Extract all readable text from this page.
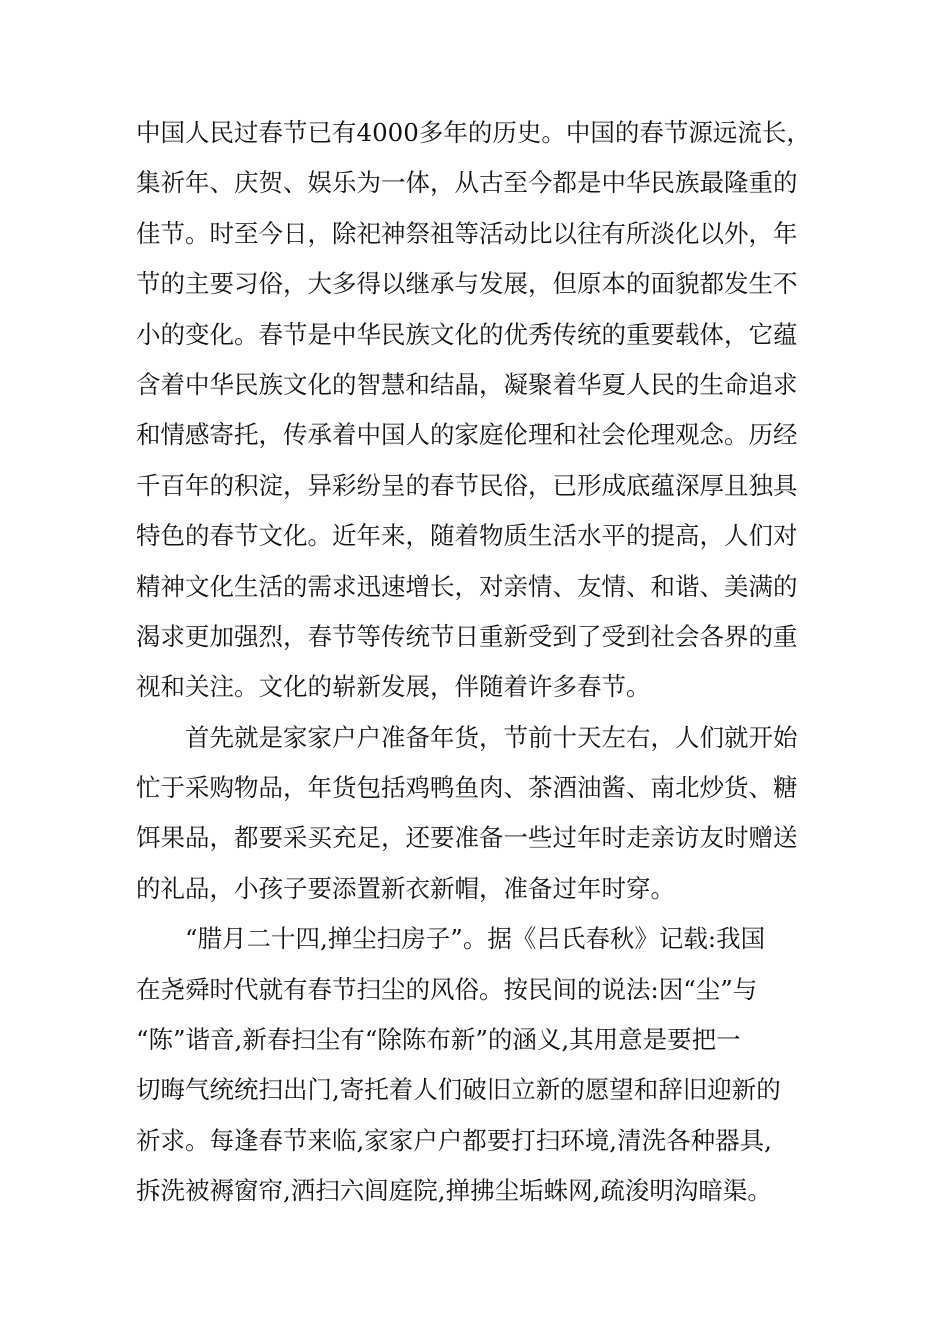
中国人民过春节已有4000多年的历史。中国的春节源远流长，
集祈年、庆贺、娱乐为一体，从古至今都是中华民族最隆重的
佳节。时至今日，除祀神祭祖等活动比以往有所淡化以外，年
节的主要习俗，大多得以继承与发展，但原本的面貌都发生不
小的变化。春节是中华民族文化的优秀传统的重要载体，它蕴
含着中华民族文化的智慧和结晶，凝聚着华夏人民的生命追求
和情感寄托，传承着中国人的家庭伦理和社会伦理观念。历经
千百年的积淀，异彩纷呈的春节民俗，已形成底蕴深厚且独具
特色的春节文化。近年来，随着物质生活水平的提高，人们对
精神文化生活的需求迅速增长，对亲情、友情、和谐、美满的
渴求更加强烈，春节等传统节日重新受到了受到社会各界的重
视和关注。文化的崭新发展，伴随着许多春节。
首先就是家家户户准备年货，节前十天左右，人们就开始
忙于采购物品，年货包括鸡鸭鱼肉、茶酒油酱、南北炒货、糖
饵果品，都要采买充足，还要准备一些过年时走亲访友时赠送
的礼品，小孩子要添置新衣新帽，准备过年时穿。
“腊月二十四,掸尘扫房子”。据《吕氏春秋》记载:我国
在尧舜时代就有春节扫尘的风俗。按民间的说法:因“尘”与
“陈”谐音,新春扫尘有“除陈布新”的涵义,其用意是要把一
切晦气统统扫出门,寄托着人们破旧立新的愿望和辞旧迎新的
祈求。每逢春节来临,家家户户都要打扫环境,清洗各种器具,
拆洗被褥窗帘,洒扫六闾庭院,掸拂尘垢蛛网,疏浚明沟暗渠。
